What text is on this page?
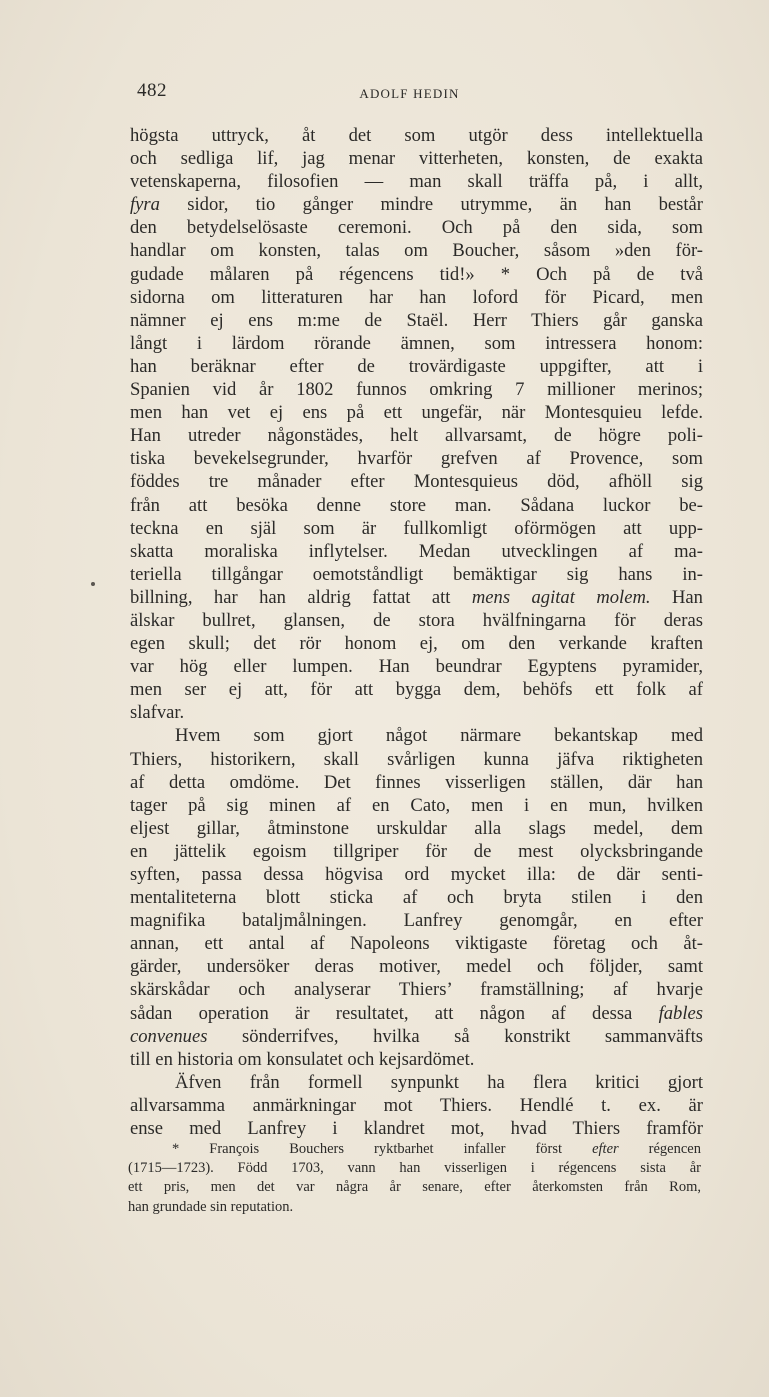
482	ADOLF HEDIN
högsta uttryck, åt det som utgör dess intellektuella
och sedliga lif, jag menar vitterheten, konsten, de exakta
vetenskaperna, filosofien — man skall träffa på, i allt,
fyra sidor, tio gånger mindre utrymme, än han består
den betydelselösaste ceremoni. Och på den sida, som
handlar om konsten, talas om Boucher, såsom »den för-
gudade målaren på régencens tid!» * Och på de två
sidorna om litteraturen har han loford för Picard, men
nämner ej ens m:me de Staël. Herr Thiers går ganska
långt i lärdom rörande ämnen, som intressera honom:
han beräknar efter de trovärdigaste uppgifter, att i
Spanien vid år 1802 funnos omkring 7 millioner merinos;
men han vet ej ens på ett ungefär, när Montesquieu lefde.
Han utreder någonstädes, helt allvarsamt, de högre poli-
tiska bevekelsegrunder, hvarför grefven af Provence, som
föddes tre månader efter Montesquieus död, afhöll sig
från att besöka denne store man. Sådana luckor be-
teckna en själ som är fullkomligt oförmögen att upp-
skatta moraliska inflytelser. Medan utvecklingen af ma-
teriella tillgångar oemotståndligt bemäktigar sig hans in-
billning, har han aldrig fattat att mens agitat molem. Han
älskar bullret, glansen, de stora hvälfningarna för deras
egen skull; det rör honom ej, om den verkande kraften
var hög eller lumpen. Han beundrar Egyptens pyramider,
men ser ej att, för att bygga dem, behöfs ett folk af
slafvar.
Hvem som gjort något närmare bekantskap med
Thiers, historikern, skall svårligen kunna jäfva riktigheten
af detta omdöme. Det finnes visserligen ställen, där han
tager på sig minen af en Cato, men i en mun, hvilken
eljest gillar, åtminstone urskuldar alla slags medel, dem
en jättelik egoism tillgriper för de mest olycksbringande
syften, passa dessa högvisa ord mycket illa: de där senti-
mentaliteterna blott sticka af och bryta stilen i den
magnifika bataljmålningen. Lanfrey genomgår, en efter
annan, ett antal af Napoleons viktigaste företag och åt-
gärder, undersöker deras motiver, medel och följder, samt
skärskådar och analyserar Thiers’ framställning; af hvarje
sådan operation är resultatet, att någon af dessa fables
convenues sönderrifves, hvilka så konstrikt sammanväfts
till en historia om konsulatet och kejsardömet.
Äfven från formell synpunkt ha flera kritici gjort
allvarsamma anmärkningar mot Thiers. Hendlé t. ex. är
ense med Lanfrey i klandret mot, hvad Thiers framför
* François Bouchers ryktbarhet infaller först efter régencen
(1715—1723). Född 1703, vann han visserligen i régencens sista år
ett pris, men det var några år senare, efter återkomsten från Rom,
han grundade sin reputation.
